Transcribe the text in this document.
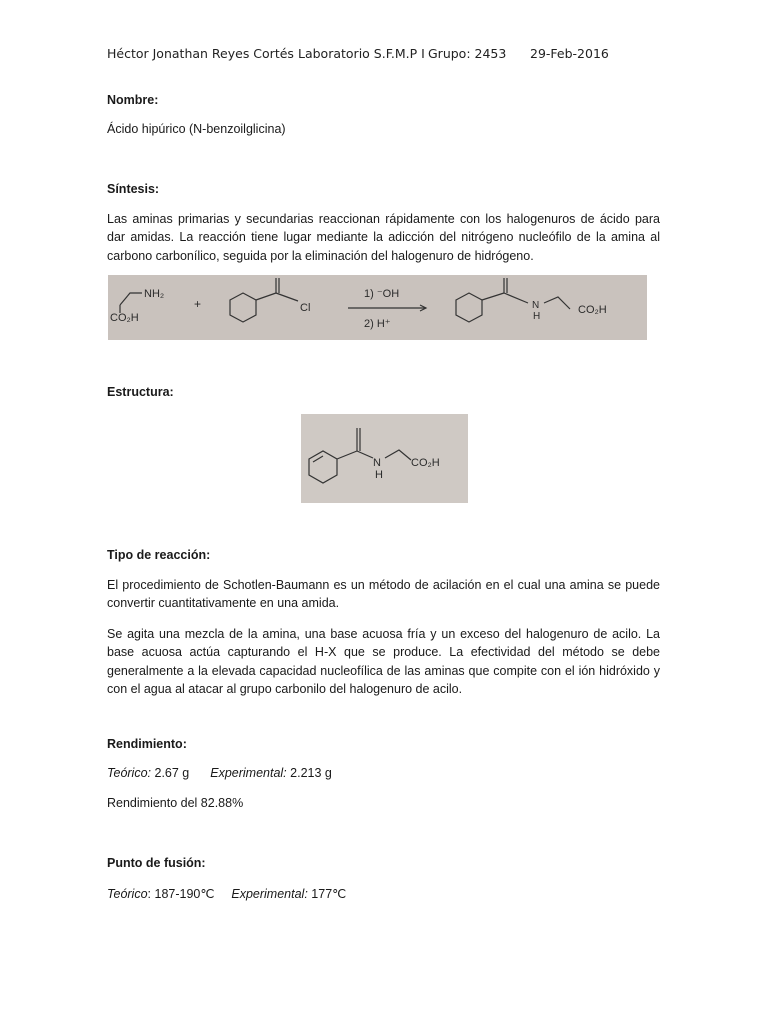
Héctor Jonathan Reyes Cortés Laboratorio S.F.M.P I Grupo: 2453 29-Feb-2016
Nombre:
Ácido hipúrico (N-benzoilglicina)
Síntesis:
Las aminas primarias y secundarias reaccionan rápidamente con los halogenuros de ácido para dar amidas. La reacción tiene lugar mediante la adicción del nitrógeno nucleófilo de la amina al carbono carbonílico, seguida por la eliminación del halogenuro de hidrógeno.
NH₂
CO₂H
+	Cl
1) ⁻OH
2) H⁺
N
H
CO₂H
Estructura:
N
H
CO₂H
Tipo de reacción:
El procedimiento de Schotlen-Baumann es un método de acilación en el cual una amina se puede convertir cuantitativamente en una amida.
Se agita una mezcla de la amina, una base acuosa fría y un exceso del halogenuro de acilo. La base acuosa actúa capturando el H-X que se produce. La efectividad del método se debe generalmente a la elevada capacidad nucleofílica de las aminas que compite con el ión hidróxido y con el agua al atacar al grupo carbonilo del halogenuro de acilo.
Rendimiento:
Teórico: 2.67 g Experimental: 2.213 g
Rendimiento del 82.88%
Punto de fusión:
Teórico: 187-190℃ Experimental: 177℃
